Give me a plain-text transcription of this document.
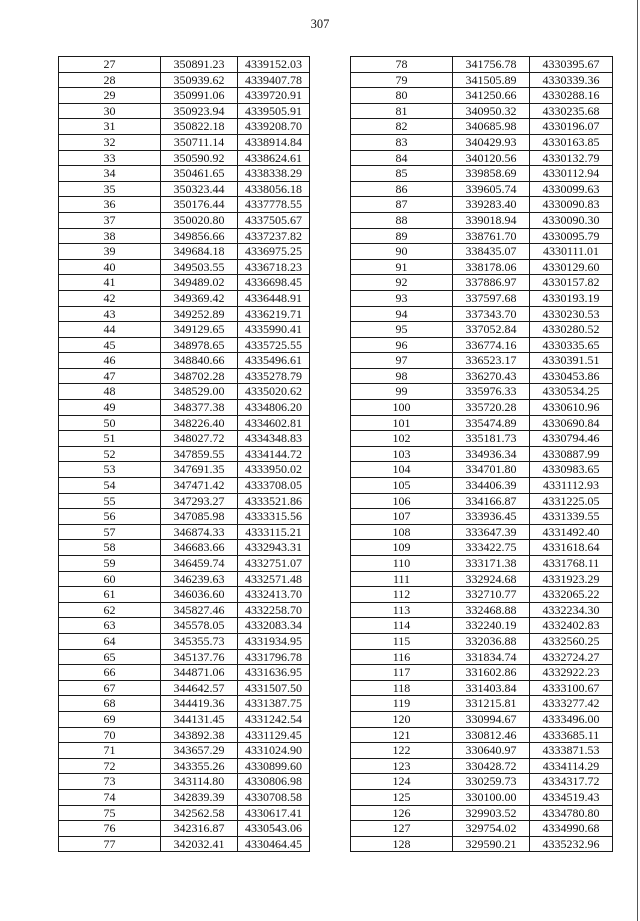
307
27	350891.23	4339152.03
28	350939.62	4339407.78
29	350991.06	4339720.91
30	350923.94	4339505.91
31	350822.18	4339208.70
32	350711.14	4338914.84
33	350590.92	4338624.61
34	350461.65	4338338.29
35	350323.44	4338056.18
36	350176.44	4337778.55
37	350020.80	4337505.67
38	349856.66	4337237.82
39	349684.18	4336975.25
40	349503.55	4336718.23
41	349489.02	4336698.45
42	349369.42	4336448.91
43	349252.89	4336219.71
44	349129.65	4335990.41
45	348978.65	4335725.55
46	348840.66	4335496.61
47	348702.28	4335278.79
48	348529.00	4335020.62
49	348377.38	4334806.20
50	348226.40	4334602.81
51	348027.72	4334348.83
52	347859.55	4334144.72
53	347691.35	4333950.02
54	347471.42	4333708.05
55	347293.27	4333521.86
56	347085.98	4333315.56
57	346874.33	4333115.21
58	346683.66	4332943.31
59	346459.74	4332751.07
60	346239.63	4332571.48
61	346036.60	4332413.70
62	345827.46	4332258.70
63	345578.05	4332083.34
64	345355.73	4331934.95
65	345137.76	4331796.78
66	344871.06	4331636.95
67	344642.57	4331507.50
68	344419.36	4331387.75
69	344131.45	4331242.54
70	343892.38	4331129.45
71	343657.29	4331024.90
72	343355.26	4330899.60
73	343114.80	4330806.98
74	342839.39	4330708.58
75	342562.58	4330617.41
76	342316.87	4330543.06
77	342032.41	4330464.45
78	341756.78	4330395.67
79	341505.89	4330339.36
80	341250.66	4330288.16
81	340950.32	4330235.68
82	340685.98	4330196.07
83	340429.93	4330163.85
84	340120.56	4330132.79
85	339858.69	4330112.94
86	339605.74	4330099.63
87	339283.40	4330090.83
88	339018.94	4330090.30
89	338761.70	4330095.79
90	338435.07	4330111.01
91	338178.06	4330129.60
92	337886.97	4330157.82
93	337597.68	4330193.19
94	337343.70	4330230.53
95	337052.84	4330280.52
96	336774.16	4330335.65
97	336523.17	4330391.51
98	336270.43	4330453.86
99	335976.33	4330534.25
100	335720.28	4330610.96
101	335474.89	4330690.84
102	335181.73	4330794.46
103	334936.34	4330887.99
104	334701.80	4330983.65
105	334406.39	4331112.93
106	334166.87	4331225.05
107	333936.45	4331339.55
108	333647.39	4331492.40
109	333422.75	4331618.64
110	333171.38	4331768.11
111	332924.68	4331923.29
112	332710.77	4332065.22
113	332468.88	4332234.30
114	332240.19	4332402.83
115	332036.88	4332560.25
116	331834.74	4332724.27
117	331602.86	4332922.23
118	331403.84	4333100.67
119	331215.81	4333277.42
120	330994.67	4333496.00
121	330812.46	4333685.11
122	330640.97	4333871.53
123	330428.72	4334114.29
124	330259.73	4334317.72
125	330100.00	4334519.43
126	329903.52	4334780.80
127	329754.02	4334990.68
128	329590.21	4335232.96
